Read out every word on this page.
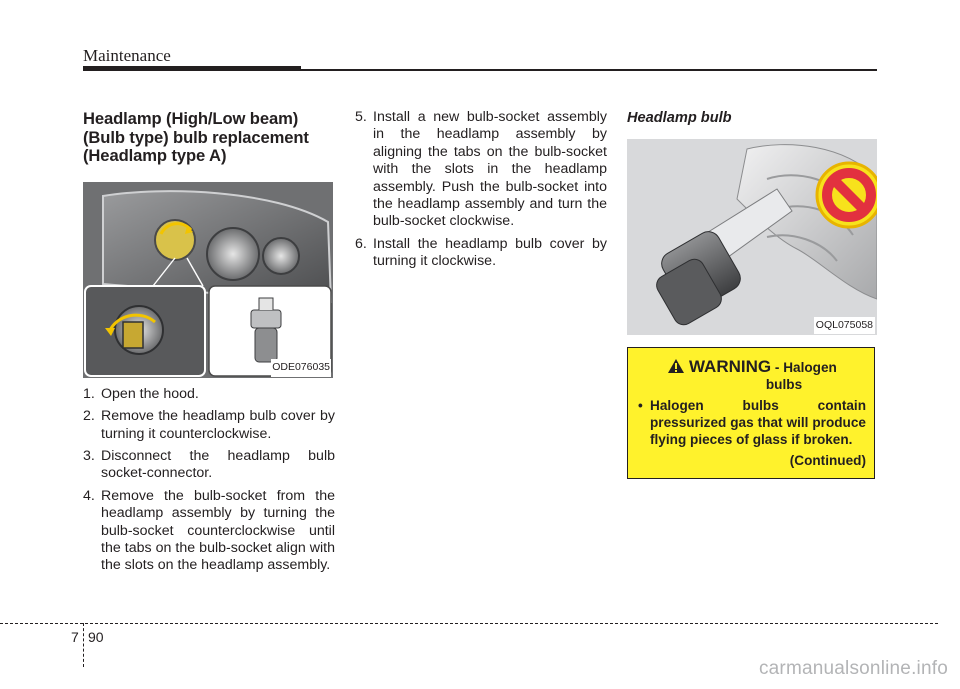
Maintenance
Headlamp (High/Low beam)
(Bulb type) bulb replacement
(Headlamp type A)
ODE076035
1. Open the hood.
2. Remove the headlamp bulb cover by turning it counterclockwise.
3. Disconnect the headlamp bulb socket-connector.
4. Remove the bulb-socket from the headlamp assembly by turning the bulb-socket counterclockwise until the tabs on the bulb-socket align with the slots on the headlamp assembly.
5. Install a new bulb-socket assembly in the headlamp assembly by aligning the tabs on the bulb-socket with the slots in the headlamp assembly. Push the bulb-socket into the headlamp assembly and turn the bulb-socket clockwise.
6. Install the headlamp bulb cover by turning it clockwise.
Headlamp bulb
OQL075058
WARNING - Halogen
bulbs
• Halogen bulbs contain pressurized gas that will produce flying pieces of glass if broken.
(Continued)
7 90
carmanualsonline.info
